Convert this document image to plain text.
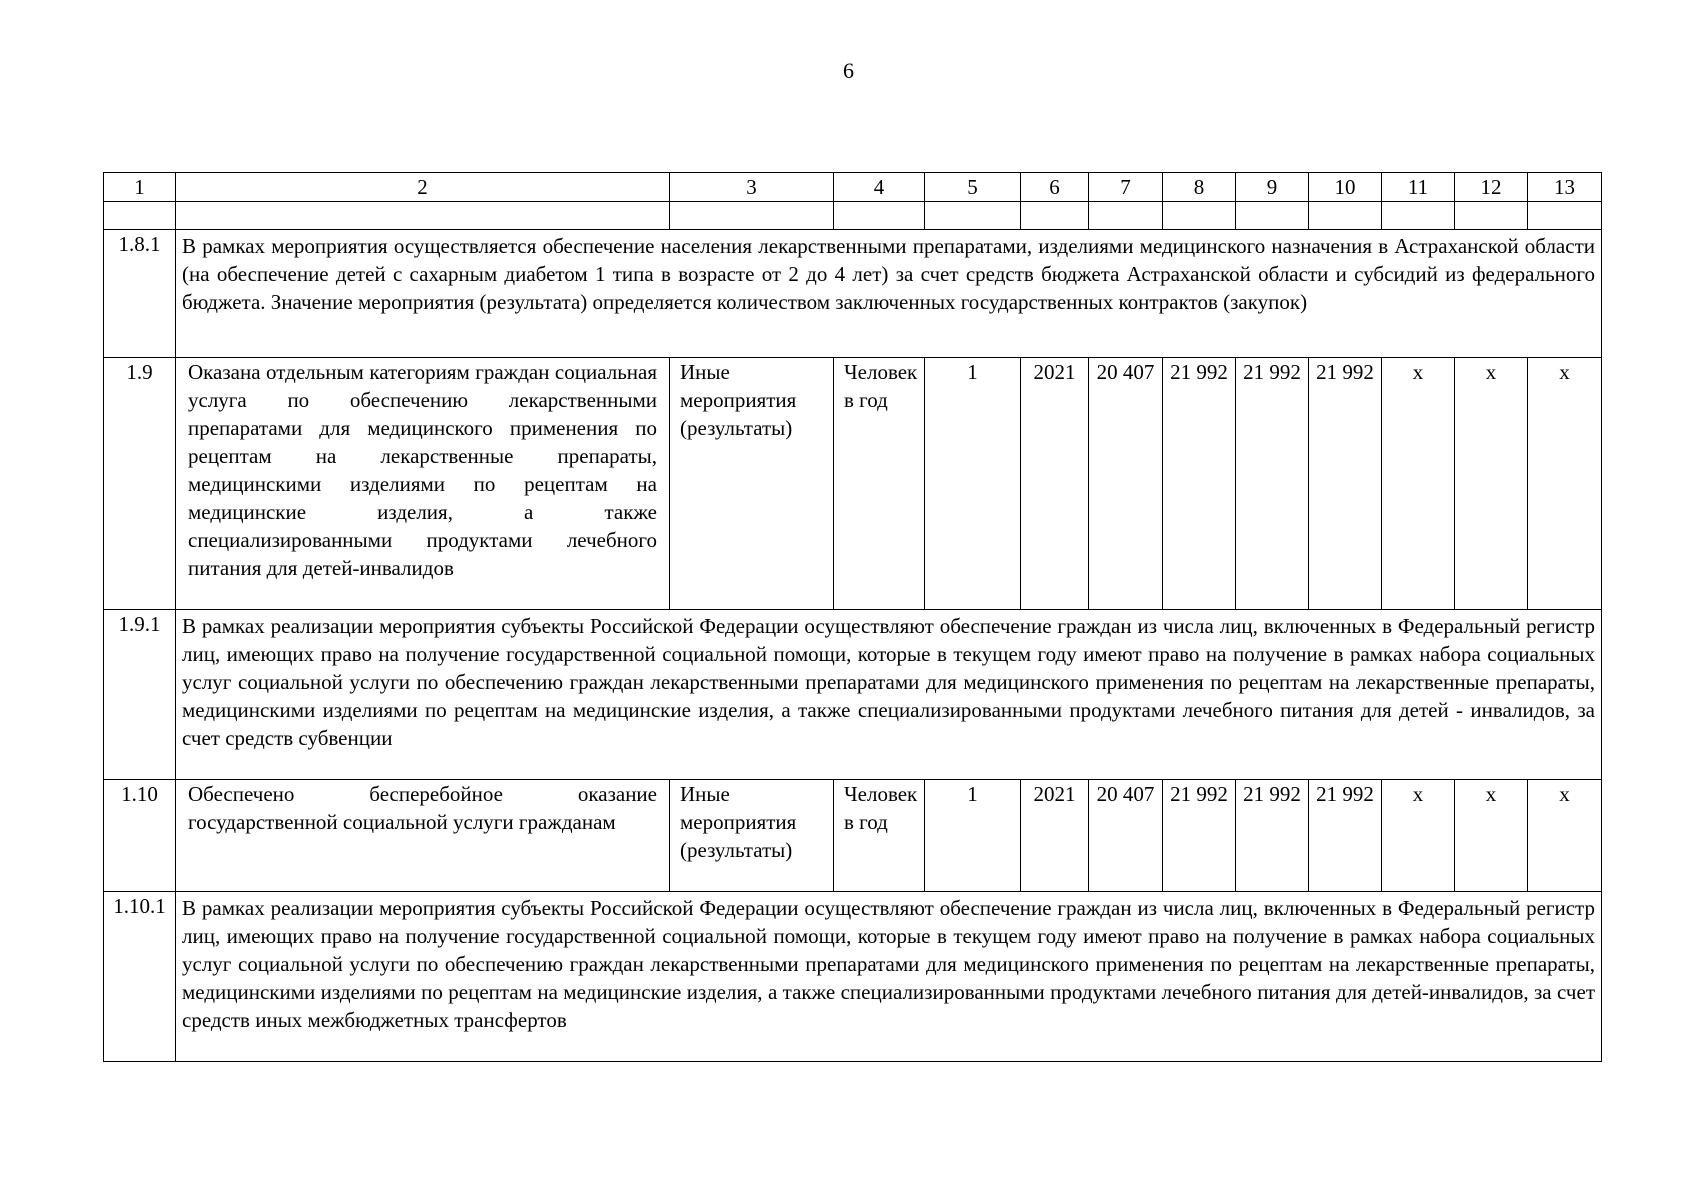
6
1	2	3	4	5	6	7	8	9	10	11	12	13

1.8.1	В рамках мероприятия осуществляется обеспечение населения лекарственными препаратами, изделиями медицинского назначения в Астраханской области (на обеспечение детей с сахарным диабетом 1 типа в возрасте от 2 до 4 лет) за счет средств бюджета Астраханской области и субсидий из федерального бюджета. Значение мероприятия (результата) определяется количеством заключенных государственных контрактов (закупок)											

1.9	Оказана отдельным категориям граждан социальная услуга по обеспечению лекарственными препаратами для медицинского применения по рецептам на лекарственные препараты, медицинскими изделиями по рецептам на медицинские изделия, а также специализированными продуктами лечебного питания для детей-инвалидов	Иные мероприятия (результаты)	Человек в год	1	2021	20 407	21 992	21 992	21 992	x	x	x
1.9.1	В рамках реализации мероприятия субъекты Российской Федерации осуществляют обеспечение граждан из числа лиц, включенных в Федеральный регистр лиц, имеющих право на получение государственной социальной помощи, которые в текущем году имеют право на получение в рамках набора социальных услуг социальной услуги по обеспечению граждан лекарственными препаратами для медицинского применения по рецептам на лекарственные препараты, медицинскими изделиями по рецептам на медицинские изделия, а также специализированными продуктами лечебного питания для детей - инвалидов, за счет средств субвенции											

1.10	Обеспечено бесперебойное оказание государственной социальной услуги гражданам	Иные мероприятия (результаты)	Человек в год	1	2021	20 407	21 992	21 992	21 992	x	x	x
1.10.1	В рамках реализации мероприятия субъекты Российской Федерации осуществляют обеспечение граждан из числа лиц, включенных в Федеральный регистр лиц, имеющих право на получение государственной социальной помощи, которые в текущем году имеют право на получение в рамках набора социальных услуг социальной услуги по обеспечению граждан лекарственными препаратами для медицинского применения по рецептам на лекарственные препараты, медицинскими изделиями по рецептам на медицинские изделия, а также специализированными продуктами лечебного питания для детей-инвалидов, за счет средств иных межбюджетных трансфертов											
